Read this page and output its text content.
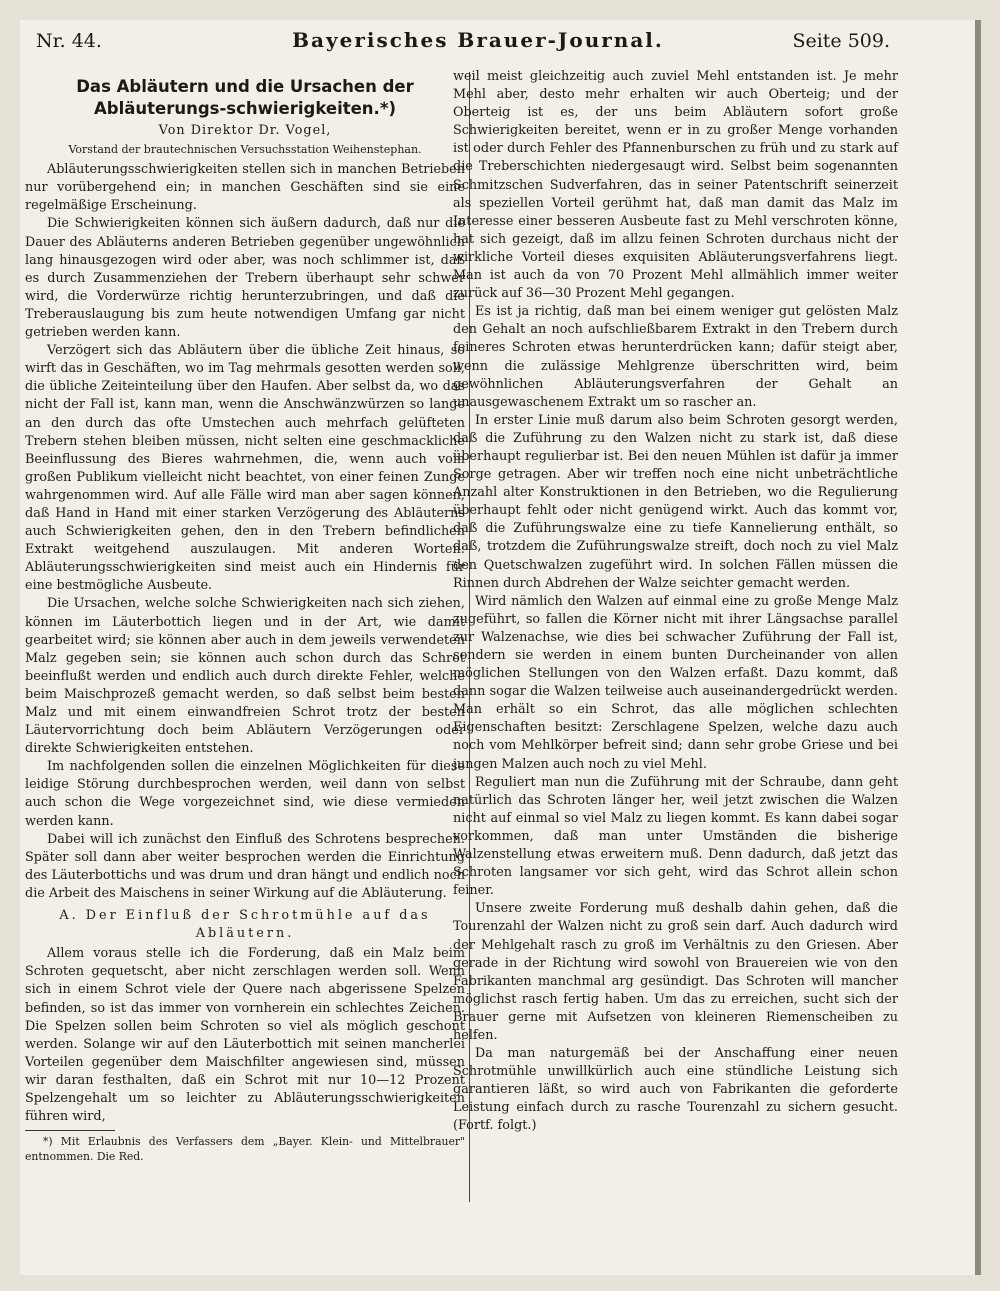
Nr. 44.	Bayerisches Brauer-Journal.	Seite 509.
Das Abläutern und die Ursachen der Abläuterungs-schwierigkeiten.*)
Von Direktor Dr. Vogel,
Vorstand der brautechnischen Versuchsstation Weihenstephan.

Abläuterungsschwierigkeiten stellen sich in manchen Betrieben nur vorübergehend ein; in manchen Geschäften sind sie eine regelmäßige Erscheinung.

Die Schwierigkeiten können sich äußern dadurch, daß nur die Dauer des Abläuterns anderen Betrieben gegenüber ungewöhnlich lang hinausgezogen wird oder aber, was noch schlimmer ist, daß es durch Zusammenziehen der Trebern überhaupt sehr schwer wird, die Vorderwürze richtig herunterzubringen, und daß die Treberauslaugung bis zum heute notwendigen Umfang gar nicht getrieben werden kann.

Verzögert sich das Abläutern über die übliche Zeit hinaus, so wirft das in Geschäften, wo im Tag mehrmals gesotten werden soll, die übliche Zeiteinteilung über den Haufen. Aber selbst da, wo das nicht der Fall ist, kann man, wenn die Anschwänzwürzen so lange an den durch das ofte Umstechen auch mehrfach gelüfteten Trebern stehen bleiben müssen, nicht selten eine geschmackliche Beeinflussung des Bieres wahrnehmen, die, wenn auch vom großen Publikum vielleicht nicht beachtet, von einer feinen Zunge wahrgenommen wird. Auf alle Fälle wird man aber sagen können, daß Hand in Hand mit einer starken Verzögerung des Abläuterns auch Schwierigkeiten gehen, den in den Trebern befindlichen Extrakt weitgehend auszulaugen. Mit anderen Worten: Abläuterungsschwierigkeiten sind meist auch ein Hindernis für eine bestmögliche Ausbeute.

Die Ursachen, welche solche Schwierigkeiten nach sich ziehen, können im Läuterbottich liegen und in der Art, wie damit gearbeitet wird; sie können aber auch in dem jeweils verwendeten Malz gegeben sein; sie können auch schon durch das Schrot beeinflußt werden und endlich auch durch direkte Fehler, welche beim Maischprozeß gemacht werden, so daß selbst beim besten Malz und mit einem einwandfreien Schrot trotz der besten Läutervorrichtung doch beim Abläutern Verzögerungen oder direkte Schwierigkeiten entstehen.

Im nachfolgenden sollen die einzelnen Möglichkeiten für diese leidige Störung durchbesprochen werden, weil dann von selbst auch schon die Wege vorgezeichnet sind, wie diese vermieden werden kann.

Dabei will ich zunächst den Einfluß des Schrotens besprechen. Später soll dann aber weiter besprochen werden die Einrichtung des Läuterbottichs und was drum und dran hängt und endlich noch die Arbeit des Maischens in seiner Wirkung auf die Abläuterung.

A. Der Einfluß der Schrotmühle auf das Abläutern.

Allem voraus stelle ich die Forderung, daß ein Malz beim Schroten gequetscht, aber nicht zerschlagen werden soll. Wenn sich in einem Schrot viele der Quere nach abgerissene Spelzen befinden, so ist das immer von vornherein ein schlechtes Zeichen. Die Spelzen sollen beim Schroten so viel als möglich geschont werden. Solange wir auf den Läuterbottich mit seinen mancherlei Vorteilen gegenüber dem Maischfilter angewiesen sind, müssen wir daran festhalten, daß ein Schrot mit nur 10—12 Prozent Spelzengehalt um so leichter zu Abläuterungsschwierigkeiten führen wird,

*) Mit Erlaubnis des Verfassers dem „Bayer. Klein- und Mittelbrauer" entnommen. Die Red.

weil meist gleichzeitig auch zuviel Mehl entstanden ist. Je mehr Mehl aber, desto mehr erhalten wir auch Oberteig; und der Oberteig ist es, der uns beim Abläutern sofort große Schwierigkeiten bereitet, wenn er in zu großer Menge vorhanden ist oder durch Fehler des Pfannenburschen zu früh und zu stark auf die Treberschichten niedergesaugt wird. Selbst beim sogenannten Schmitzschen Sudverfahren, das in seiner Patentschrift seinerzeit als speziellen Vorteil gerühmt hat, daß man damit das Malz im Interesse einer besseren Ausbeute fast zu Mehl verschroten könne, hat sich gezeigt, daß im allzu feinen Schroten durchaus nicht der wirkliche Vorteil dieses exquisiten Abläuterungsverfahrens liegt. Man ist auch da von 70 Prozent Mehl allmählich immer weiter zurück auf 36—30 Prozent Mehl gegangen.

Es ist ja richtig, daß man bei einem weniger gut gelösten Malz den Gehalt an noch aufschließbarem Extrakt in den Trebern durch feineres Schroten etwas herunterdrücken kann; dafür steigt aber, wenn die zulässige Mehlgrenze überschritten wird, beim gewöhnlichen Abläuterungsverfahren der Gehalt an unausgewaschenem Extrakt um so rascher an.

In erster Linie muß darum also beim Schroten gesorgt werden, daß die Zuführung zu den Walzen nicht zu stark ist, daß diese überhaupt regulierbar ist. Bei den neuen Mühlen ist dafür ja immer Sorge getragen. Aber wir treffen noch eine nicht unbeträchtliche Anzahl alter Konstruktionen in den Betrieben, wo die Regulierung überhaupt fehlt oder nicht genügend wirkt. Auch das kommt vor, daß die Zuführungswalze eine zu tiefe Kannelierung enthält, so daß, trotzdem die Zuführungswalze streift, doch noch zu viel Malz den Quetschwalzen zugeführt wird. In solchen Fällen müssen die Rinnen durch Abdrehen der Walze seichter gemacht werden.

Wird nämlich den Walzen auf einmal eine zu große Menge Malz zugeführt, so fallen die Körner nicht mit ihrer Längsachse parallel zur Walzenachse, wie dies bei schwacher Zuführung der Fall ist, sondern sie werden in einem bunten Durcheinander von allen möglichen Stellungen von den Walzen erfaßt. Dazu kommt, daß dann sogar die Walzen teilweise auch auseinandergedrückt werden. Man erhält so ein Schrot, das alle möglichen schlechten Eigenschaften besitzt: Zerschlagene Spelzen, welche dazu auch noch vom Mehlkörper befreit sind; dann sehr grobe Griese und bei jungen Malzen auch noch zu viel Mehl.

Reguliert man nun die Zuführung mit der Schraube, dann geht natürlich das Schroten länger her, weil jetzt zwischen die Walzen nicht auf einmal so viel Malz zu liegen kommt. Es kann dabei sogar vorkommen, daß man unter Umständen die bisherige Walzenstellung etwas erweitern muß. Denn dadurch, daß jetzt das Schroten langsamer vor sich geht, wird das Schrot allein schon feiner.

Unsere zweite Forderung muß deshalb dahin gehen, daß die Tourenzahl der Walzen nicht zu groß sein darf. Auch dadurch wird der Mehlgehalt rasch zu groß im Verhältnis zu den Griesen. Aber gerade in der Richtung wird sowohl von Brauereien wie von den Fabrikanten manchmal arg gesündigt. Das Schroten will mancher möglichst rasch fertig haben. Um das zu erreichen, sucht sich der Brauer gerne mit Aufsetzen von kleineren Riemenscheiben zu helfen.

Da man naturgemäß bei der Anschaffung einer neuen Schrotmühle unwillkürlich auch eine stündliche Leistung sich garantieren läßt, so wird auch von Fabrikanten die geforderte Leistung einfach durch zu rasche Tourenzahl zu sichern gesucht. (Fortf. folgt.)
